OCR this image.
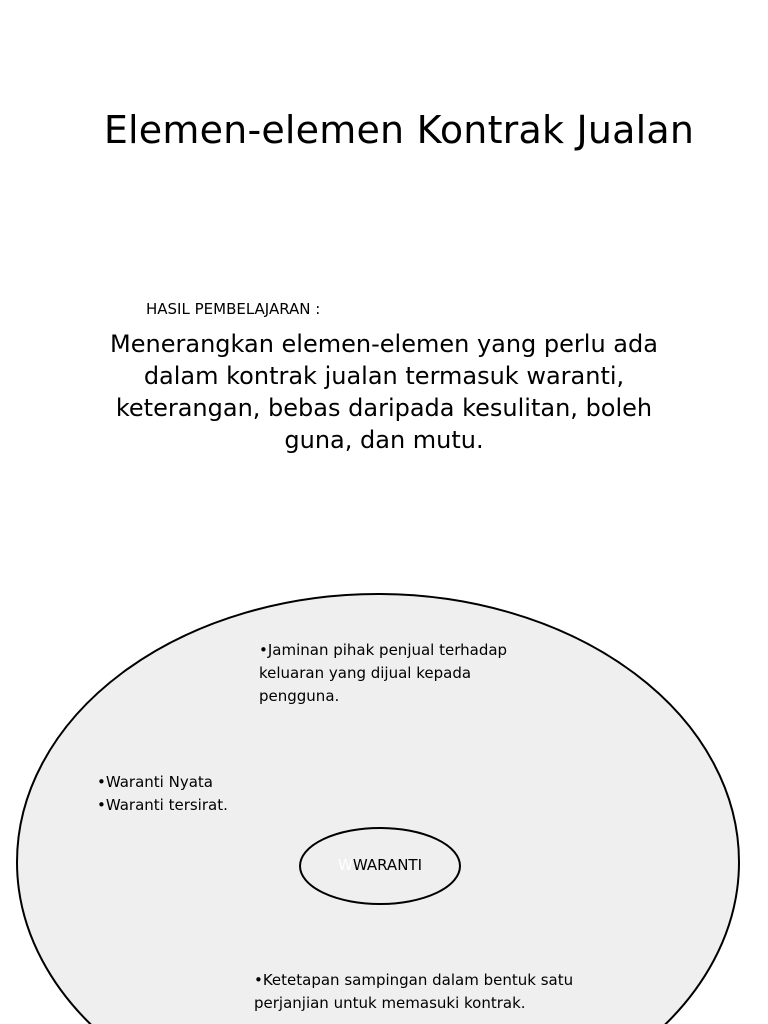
Elemen-elemen Kontrak Jualan
HASIL PEMBELAJARAN :
Menerangkan elemen-elemen yang perlu ada dalam kontrak jualan termasuk waranti, keterangan, bebas daripada kesulitan, boleh guna, dan mutu.
•Jaminan pihak penjual terhadap keluaran yang dijual kepada pengguna.
•Waranti Nyata
•Waranti tersirat.
WWARANTI
•Ketetapan sampingan dalam bentuk satu perjanjian untuk memasuki kontrak.
